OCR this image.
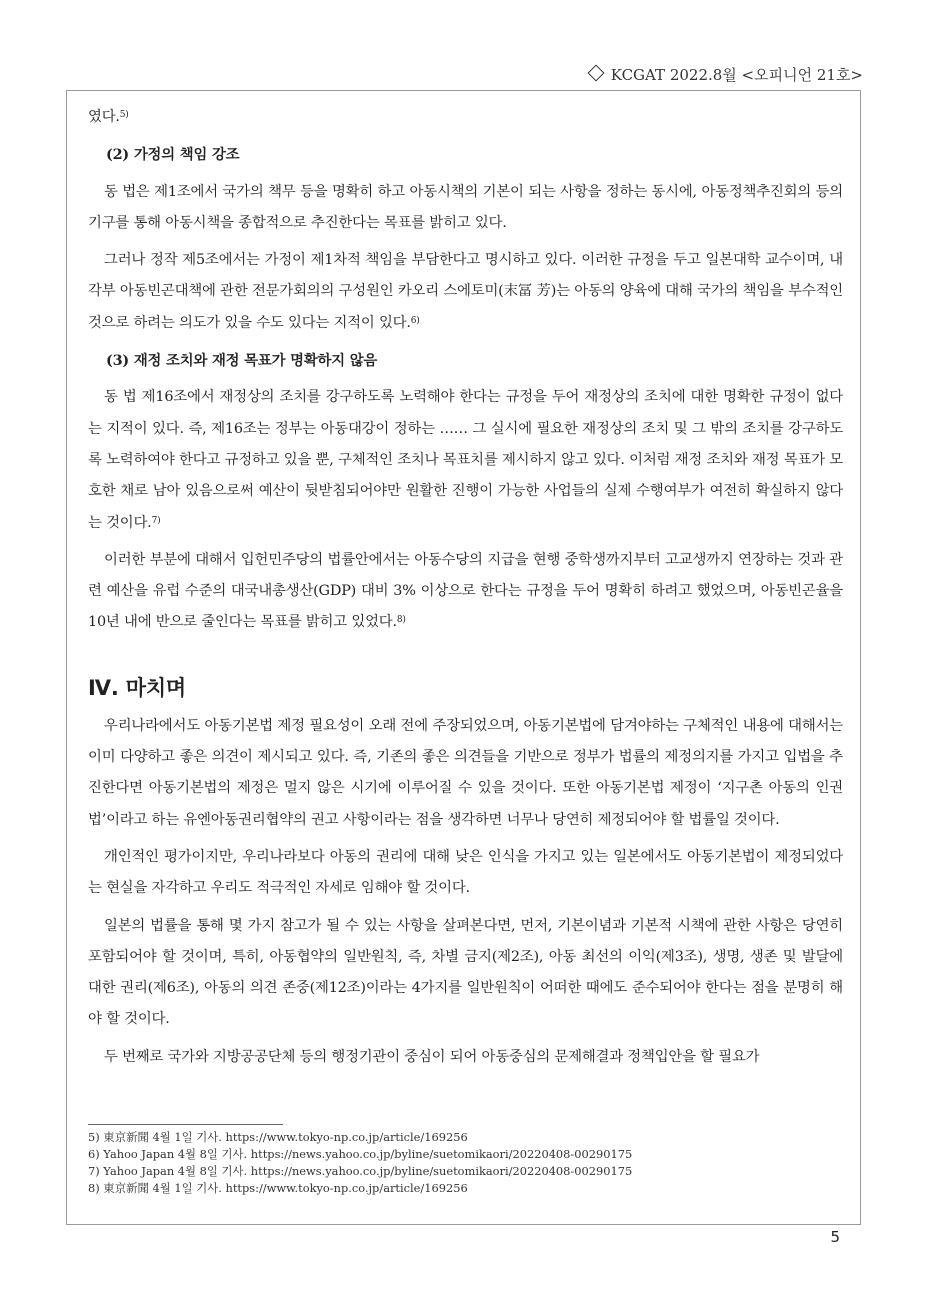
KCGAT 2022.8월 <오피니언 21호>

였다.$^{5)}$

(2) 가정의 책임 강조

동 법은 제1조에서 국가의 책무 등을 명확히 하고 아동시책의 기본이 되는 사항을 정하는 동시에, 아동정책추진회의 등의 기구를 통해 아동시책을 종합적으로 추진한다는 목표를 밝히고 있다.

그러나 정작 제5조에서는 가정이 제1차적 책임을 부담한다고 명시하고 있다. 이러한 규정을 두고 일본대학 교수이며, 내각부 아동빈곤대책에 관한 전문가회의의 구성원인 카오리 스에토미(末冨 芳)는 아동의 양육에 대해 국가의 책임을 부수적인 것으로 하려는 의도가 있을 수도 있다는 지적이 있다.$^{6)}$

(3) 재정 조치와 재정 목표가 명확하지 않음

동 법 제16조에서 재정상의 조치를 강구하도록 노력해야 한다는 규정을 두어 재정상의 조치에 대한 명확한 규정이 없다는 지적이 있다. 즉, 제16조는 정부는 아동대강이 정하는 …… 그 실시에 필요한 재정상의 조치 및 그 밖의 조치를 강구하도록 노력하여야 한다고 규정하고 있을 뿐, 구체적인 조치나 목표치를 제시하지 않고 있다. 이처럼 재정 조치와 재정 목표가 모호한 채로 남아 있음으로써 예산이 뒷받침되어야만 원활한 진행이 가능한 사업들의 실제 수행여부가 여전히 확실하지 않다는 것이다.$^{7)}$

이러한 부분에 대해서 입헌민주당의 법률안에서는 아동수당의 지급을 현행 중학생까지부터 고교생까지 연장하는 것과 관련 예산을 유럽 수준의 대국내총생산(GDP) 대비 3% 이상으로 한다는 규정을 두어 명확히 하려고 했었으며, 아동빈곤율을 10년 내에 반으로 줄인다는 목표를 밝히고 있었다.$^{8)}$

Ⅳ. 마치며

우리나라에서도 아동기본법 제정 필요성이 오래 전에 주장되었으며, 아동기본법에 담겨야하는 구체적인 내용에 대해서는 이미 다양하고 좋은 의견이 제시되고 있다. 즉, 기존의 좋은 의견들을 기반으로 정부가 법률의 제정의지를 가지고 입법을 추진한다면 아동기본법의 제정은 멀지 않은 시기에 이루어질 수 있을 것이다. 또한 아동기본법 제정이 ‘지구촌 아동의 인권법’이라고 하는 유엔아동권리협약의 권고 사항이라는 점을 생각하면 너무나 당연히 제정되어야 할 법률일 것이다.

개인적인 평가이지만, 우리나라보다 아동의 권리에 대해 낮은 인식을 가지고 있는 일본에서도 아동기본법이 제정되었다는 현실을 자각하고 우리도 적극적인 자세로 임해야 할 것이다.

일본의 법률을 통해 몇 가지 참고가 될 수 있는 사항을 살펴본다면, 먼저, 기본이념과 기본적 시책에 관한 사항은 당연히 포함되어야 할 것이며, 특히, 아동협약의 일반원칙, 즉, 차별 금지(제2조), 아동 최선의 이익(제3조), 생명, 생존 및 발달에 대한 권리(제6조), 아동의 의견 존중(제12조)이라는 4가지를 일반원칙이 어떠한 때에도 준수되어야 한다는 점을 분명히 해야 할 것이다.

두 번째로 국가와 지방공공단체 등의 행정기관이 중심이 되어 아동중심의 문제해결과 정책입안을 할 필요가

5) 東京新聞 4월 1일 기사. https://www.tokyo-np.co.jp/article/169256
6) Yahoo Japan 4월 8일 기사. https://news.yahoo.co.jp/byline/suetomikaori/20220408-00290175
7) Yahoo Japan 4월 8일 기사. https://news.yahoo.co.jp/byline/suetomikaori/20220408-00290175
8) 東京新聞 4월 1일 기사. https://www.tokyo-np.co.jp/article/169256
5
